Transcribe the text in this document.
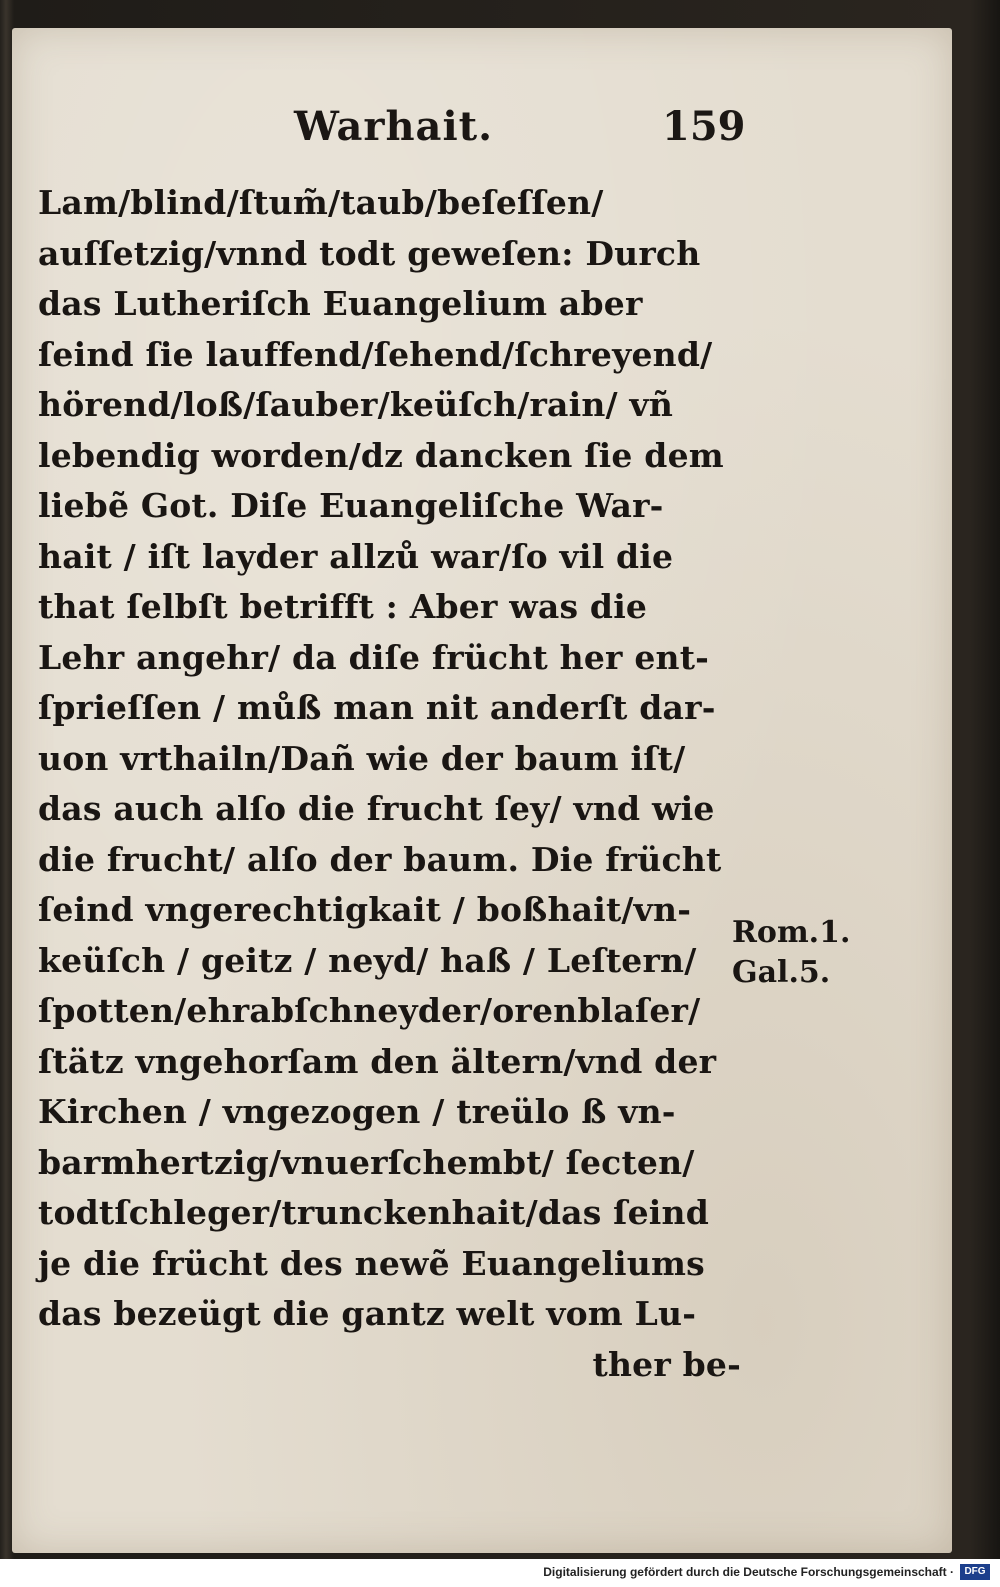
Warhait.	159
Lam/blind/ſtum̃/taub/beſeſſen/
auſſetzig/vnnd todt geweſen: Durch
das Lutheriſch Euangelium aber
ſeind ſie lauffend/ſehend/ſchreyend/
hörend/loß/ſauber/keüſch/rain/ vñ
lebendig worden/dz dancken ſie dem
liebẽ Got. Diſe Euangeliſche War-
hait / iſt layder allzů war/ſo vil die
that ſelbſt betrifft : Aber was die
Lehr angehr/ da diſe frücht her ent-
ſprieſſen / můß man nit anderſt dar-
uon vrthailn/Dañ wie der baum iſt/
das auch alſo die frucht ſey/ vnd wie
die frucht/ alſo der baum. Die frücht
ſeind vngerechtigkait / boßhait/vn-
keüſch / geitz / neyd/ haß / Leſtern/
ſpotten/ehrabſchneyder/orenblaſer/
ſtätz vngehorſam den ältern/vnd der
Kirchen / vngezogen / treülo ß vn-
barmhertzig/vnuerſchembt/ ſecten/
todtſchleger/trunckenhait/das ſeind
je die frücht des newẽ Euangeliums
das bezeügt die gantz welt vom Lu-
ther be-
Rom.1.
Gal.5.
Digitalisierung gefördert durch die Deutsche Forschungsgemeinschaft ·	DFG
